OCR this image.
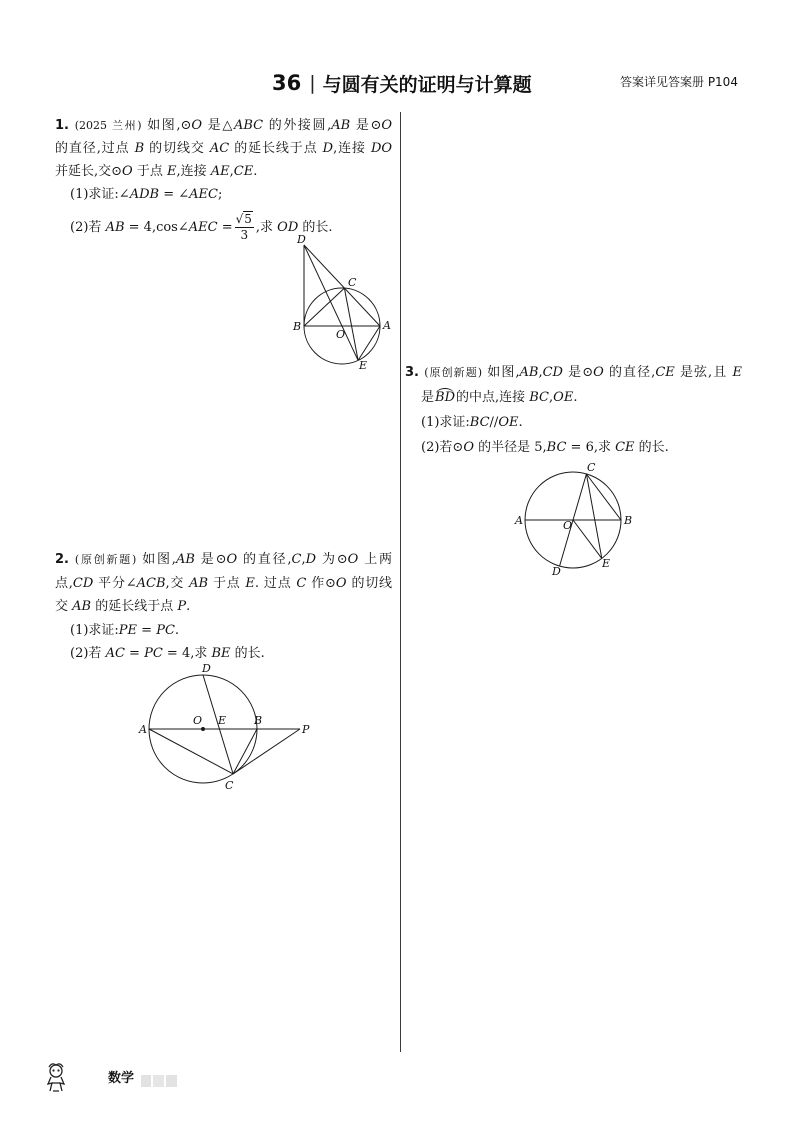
36 | 与圆有关的证明与计算题	答案详见答案册 P104
1. (2025 兰州) 如图,⊙O 是△ABC 的外接圆,AB 是⊙O
的直径,过点 B 的切线交 AC 的延长线于点 D,连接 DO
并延长,交⊙O 于点 E,连接 AE,CE.
(1)求证:∠ADB = ∠AEC;
(2)若 AB = 4,cos∠AEC = $\frac{√5}{3}$ ,求 OD 的长.
D
C
B
O
A
E
2. (原创新题) 如图,AB 是⊙O 的直径,C,D 为⊙O 上两
点,CD 平分∠ACB,交 AB 于点 E. 过点 C 作⊙O 的切线
交 AB 的延长线于点 P.
(1)求证:PE = PC.
(2)若 AC = PC = 4,求 BE 的长.
D
A
O E	B
P
C
3. (原创新题) 如图,AB,CD 是⊙O 的直径,CE 是弦,且 E
是BD的中点,连接 BC,OE.
(1)求证:BC//OE.
(2)若⊙O 的半径是 5,BC = 6,求 CE 的长.
C
A	O	B
D
E
数学
